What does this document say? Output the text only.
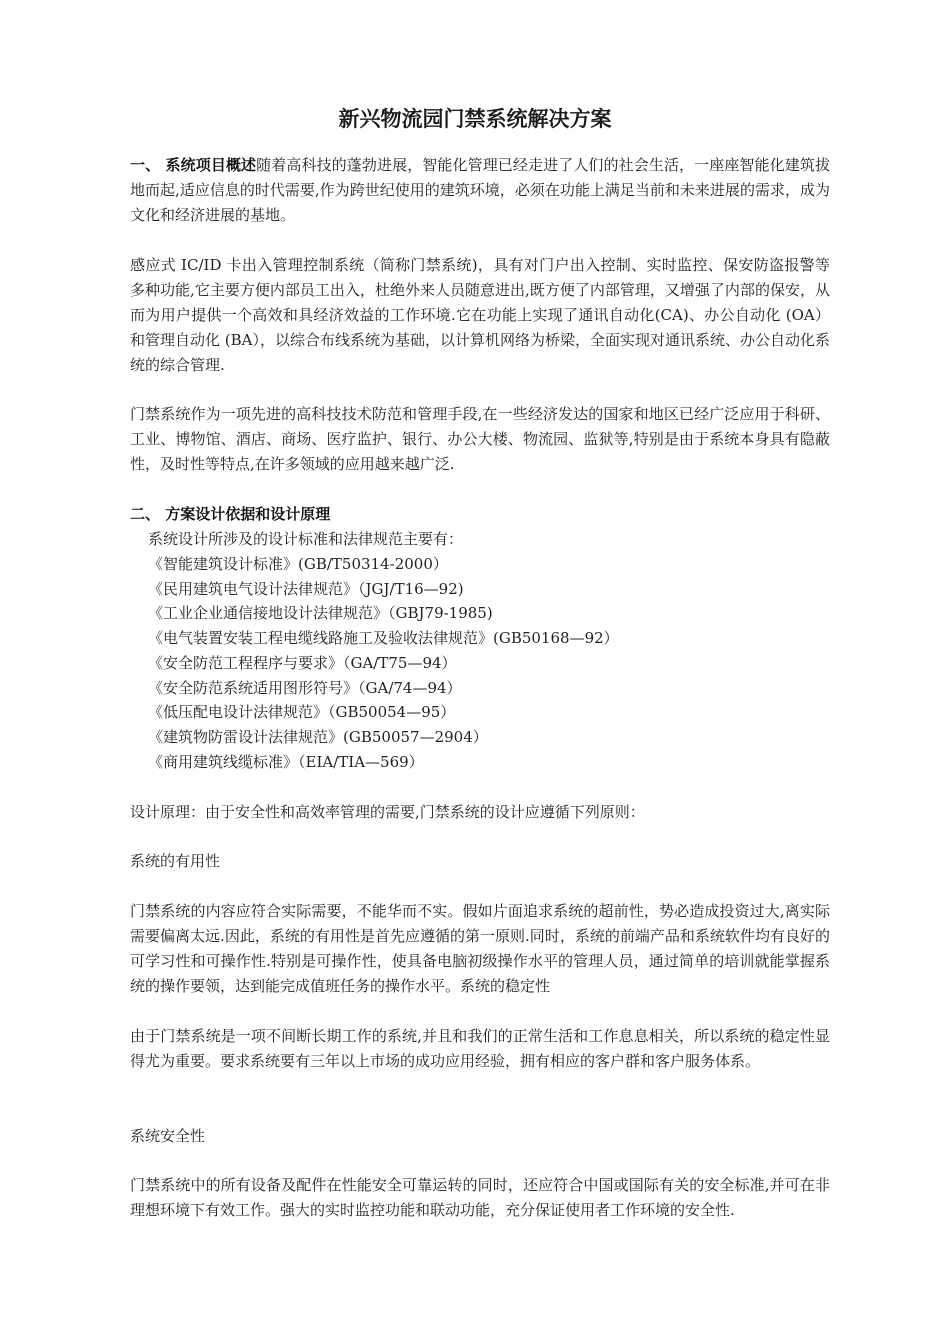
新兴物流园门禁系统解决方案

一、 系统项目概述随着高科技的蓬勃进展，智能化管理已经走进了人们的社会生活，一座座智能化建筑拔地而起,适应信息的时代需要,作为跨世纪使用的建筑环境，必须在功能上满足当前和未来进展的需求，成为文化和经济进展的基地。

感应式 IC/ID 卡出入管理控制系统（简称门禁系统)，具有对门户出入控制、实时监控、保安防盗报警等多种功能,它主要方便内部员工出入，杜绝外来人员随意进出,既方便了内部管理，又增强了内部的保安，从而为用户提供一个高效和具经济效益的工作环境.它在功能上实现了通讯自动化(CA)、办公自动化 (OA） 和管理自动化 (BA），以综合布线系统为基础，以计算机网络为桥梁，全面实现对通讯系统、办公自动化系统的综合管理.

门禁系统作为一项先进的高科技技术防范和管理手段,在一些经济发达的国家和地区已经广泛应用于科研、工业、博物馆、酒店、商场、医疗监护、银行、办公大楼、物流园、监狱等,特别是由于系统本身具有隐蔽性，及时性等特点,在许多领域的应用越来越广泛.

二、 方案设计依据和设计原理
系统设计所涉及的设计标准和法律规范主要有：
《智能建筑设计标准》(GB/T50314-2000）
《民用建筑电气设计法律规范》（JGJ/T16—92)
《工业企业通信接地设计法律规范》（GBJ79-1985)
《电气装置安装工程电缆线路施工及验收法律规范》(GB50168—92）
《安全防范工程程序与要求》（GA/T75—94）
《安全防范系统适用图形符号》（GA/74—94）
《低压配电设计法律规范》（GB50054—95）
《建筑物防雷设计法律规范》(GB50057—2904）
《商用建筑线缆标准》（EIA/TIA—569）
设计原理：由于安全性和高效率管理的需要,门禁系统的设计应遵循下列原则：
系统的有用性

门禁系统的内容应符合实际需要，不能华而不实。假如片面追求系统的超前性，势必造成投资过大,离实际需要偏离太远.因此，系统的有用性是首先应遵循的第一原则.同时，系统的前端产品和系统软件均有良好的可学习性和可操作性.特别是可操作性，使具备电脑初级操作水平的管理人员，通过简单的培训就能掌握系统的操作要领，达到能完成值班任务的操作水平。系统的稳定性

由于门禁系统是一项不间断长期工作的系统,并且和我们的正常生活和工作息息相关，所以系统的稳定性显得尤为重要。要求系统要有三年以上市场的成功应用经验，拥有相应的客户群和客户服务体系。

系统安全性

门禁系统中的所有设备及配件在性能安全可靠运转的同时，还应符合中国或国际有关的安全标准,并可在非理想环境下有效工作。强大的实时监控功能和联动功能，充分保证使用者工作环境的安全性.
